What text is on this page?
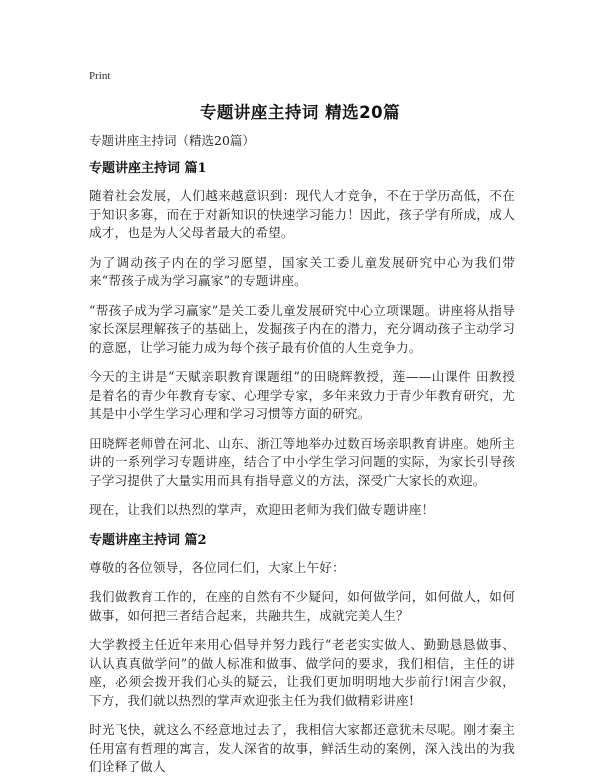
Print
专题讲座主持词 精选20篇

专题讲座主持词（精选20篇）

专题讲座主持词 篇1

随着社会发展，人们越来越意识到：现代人才竞争，不在于学历高低，不在于知识多寡，而在于对新知识的快速学习能力！因此，孩子学有所成，成人成才，也是为人父母者最大的希望。

为了调动孩子内在的学习愿望，国家关工委儿童发展研究中心为我们带来“帮孩子成为学习赢家”的专题讲座。

“帮孩子成为学习赢家”是关工委儿童发展研究中心立项课题。讲座将从指导家长深层理解孩子的基础上，发掘孩子内在的潜力，充分调动孩子主动学习的意愿，让学习能力成为每个孩子最有价值的人生竞争力。

今天的主讲是“天赋亲职教育课题组”的田晓辉教授，莲——山课件 田教授是着名的青少年教育专家、心理学专家，多年来致力于青少年教育研究，尤其是中小学生学习心理和学习习惯等方面的研究。

田晓辉老师曾在河北、山东、浙江等地举办过数百场亲职教育讲座。她所主讲的一系列学习专题讲座，结合了中小学生学习问题的实际，为家长引导孩子学习提供了大量实用而具有指导意义的方法，深受广大家长的欢迎。

现在，让我们以热烈的掌声，欢迎田老师为我们做专题讲座！

专题讲座主持词 篇2

尊敬的各位领导，各位同仁们，大家上午好：

我们做教育工作的，在座的自然有不少疑问，如何做学问，如何做人，如何做事，如何把三者结合起来，共融共生，成就完美人生？

大学教授主任近年来用心倡导并努力践行“老老实实做人、勤勤恳恳做事、认认真真做学问”的做人标准和做事、做学问的要求，我们相信，主任的讲座，必须会拨开我们心头的疑云，让我们更加明明地大步前行!闲言少叙，下方，我们就以热烈的掌声欢迎张主任为我们做精彩讲座!

时光飞快，就这么不经意地过去了，我相信大家都还意犹未尽呢。刚才秦主任用富有哲理的寓言，发人深省的故事，鲜活生动的案例，深入浅出的为我们诠释了做人
